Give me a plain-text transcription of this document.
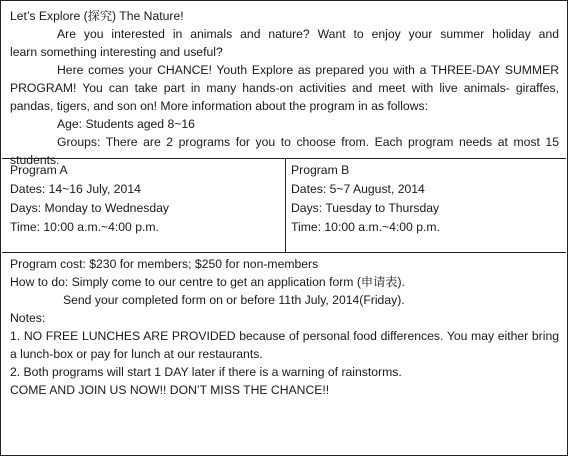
Let’s Explore (探究) The Nature!
Are you interested in animals and nature? Want to enjoy your summer holiday and
learn something interesting and useful?
Here comes your CHANCE! Youth Explore as prepared you with a THREE-DAY SUMMER
PROGRAM! You can take part in many hands-on activities and meet with live animals- giraffes,
pandas, tigers, and son on! More information about the program in as follows:
Age: Students aged 8~16
Groups: There are 2 programs for you to choose from. Each program needs at most 15
students.
Program A
Dates: 14~16 July, 2014
Days: Monday to Wednesday
Time: 10:00 a.m.~4:00 p.m.
Program B
Dates: 5~7 August, 2014
Days: Tuesday to Thursday
Time: 10:00 a.m.~4:00 p.m.
Program cost: $230 for members; $250 for non-members
How to do: Simply come to our centre to get an application form (申请表).
Send your completed form on or before 11th July, 2014(Friday).
Notes:
1. NO FREE LUNCHES ARE PROVIDED because of personal food differences. You may either bring
a lunch-box or pay for lunch at our restaurants.
2. Both programs will start 1 DAY later if there is a warning of rainstorms.
COME AND JOIN US NOW!! DON’T MISS THE CHANCE!!
